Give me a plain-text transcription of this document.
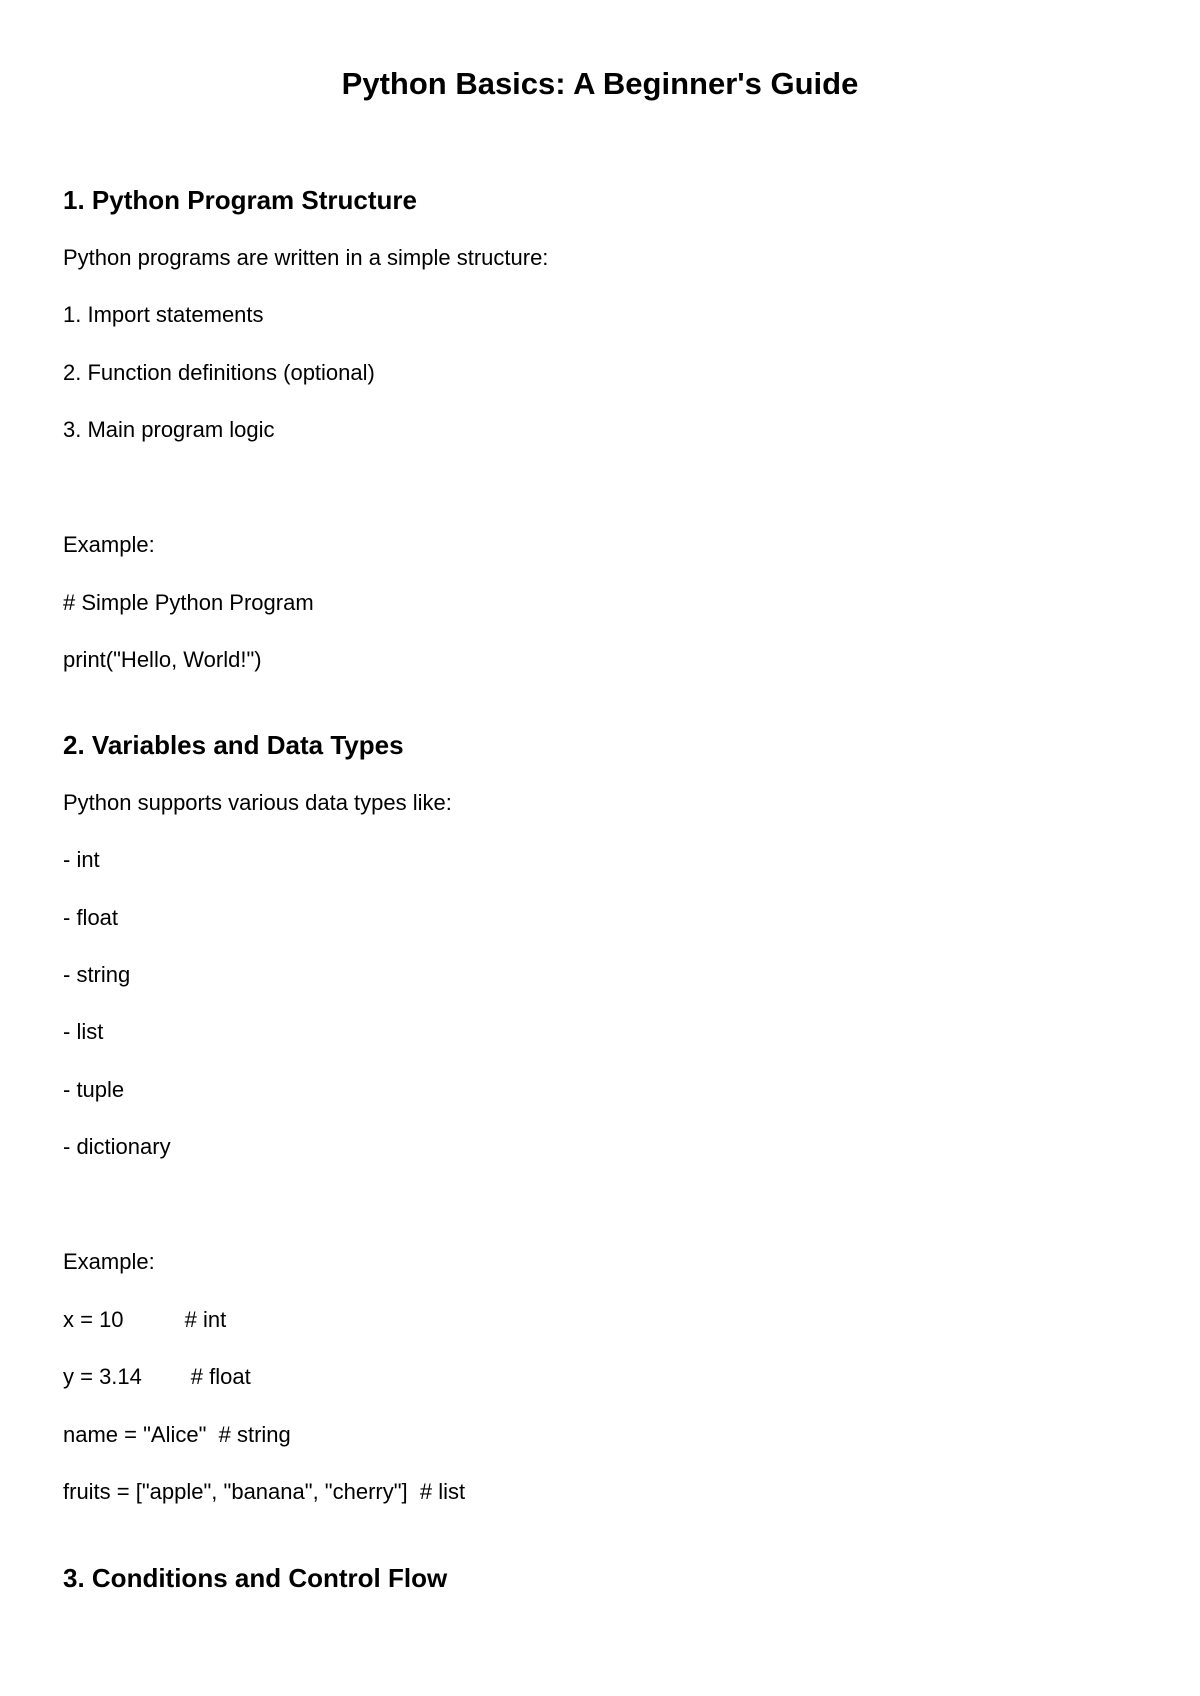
Python Basics: A Beginner's Guide
1. Python Program Structure

Python programs are written in a simple structure:

1. Import statements

2. Function definitions (optional)

3. Main program logic

Example:

# Simple Python Program

print("Hello, World!")

2. Variables and Data Types

Python supports various data types like:

- int

- float

- string

- list

- tuple

- dictionary

Example:

x = 10          # int

y = 3.14        # float

name = "Alice"  # string

fruits = ["apple", "banana", "cherry"]  # list

3. Conditions and Control Flow
